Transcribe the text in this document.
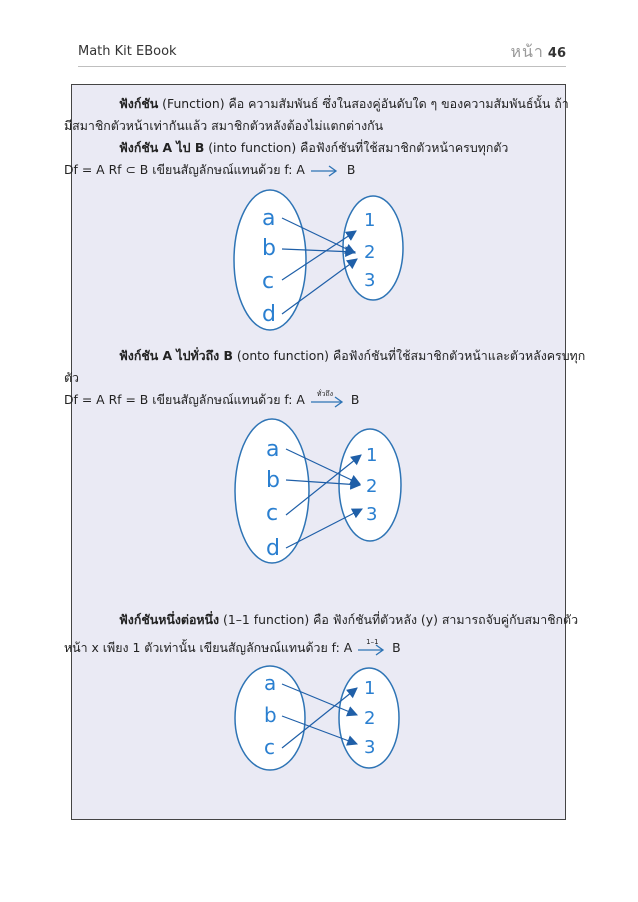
Math Kit EBook	หน้า 46
ฟังก์ชัน (Function) คือ ความสัมพันธ์ ซึ่งในสองคู่อันดับใด ๆ ของความสัมพันธ์นั้น ถ้า
มีสมาชิกตัวหน้าเท่ากันแล้ว สมาชิกตัวหลังต้องไม่แตกต่างกัน
ฟังก์ชัน A ไป B (into function) คือฟังก์ชันที่ใช้สมาชิกตัวหน้าครบทุกตัว
Df = A Rf ⊂ B เขียนสัญลักษณ์แทนด้วย f: A	B
ฟังก์ชัน A ไปทั่วถึง B (onto function) คือฟังก์ชันที่ใช้สมาชิกตัวหน้าและตัวหลังครบทุก
ตัว
Df = A Rf = B เขียนสัญลักษณ์แทนด้วย f: A ทั่วถึง B
ฟังก์ชันหนึ่งต่อหนึ่ง (1–1 function) คือ ฟังก์ชันที่ตัวหลัง (y) สามารถจับคู่กับสมาชิกตัว
หน้า x เพียง 1 ตัวเท่านั้น เขียนสัญลักษณ์แทนด้วย f: A 1–1 B
a
b
c
d
1
2
3
a
b
c
d
1
2
3
a
b
c
1
2
3
